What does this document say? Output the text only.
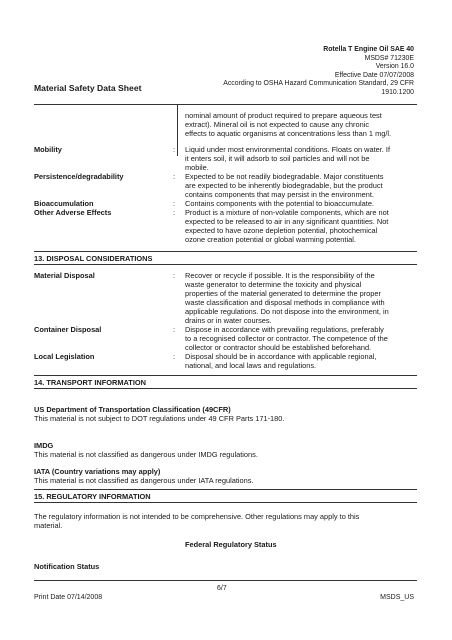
Rotella T Engine Oil SAE 40
MSDS# 71230E
Version 16.0
Effective Date 07/07/2008
According to OSHA Hazard Communication Standard, 29 CFR
1910.1200
Material Safety Data Sheet
nominal amount of product required to prepare aqueous test
extract). Mineral oil is not expected to cause any chronic
effects to aquatic organisms at concentrations less than 1 mg/l.
Mobility	: Liquid under most environmental conditions. Floats on water. If
it enters soil, it will adsorb to soil particles and will not be
mobile.
Persistence/degradability	: Expected to be not readily biodegradable. Major constituents
are expected to be inherently biodegradable, but the product
contains components that may persist in the environment.
Bioaccumulation	: Contains components with the potential to bioaccumulate.
Other Adverse Effects	: Product is a mixture of non-volatile components, which are not
expected to be released to air in any significant quantities. Not
expected to have ozone depletion potential, photochemical
ozone creation potential or global warming potential.
13. DISPOSAL CONSIDERATIONS
Material Disposal	: Recover or recycle if possible. It is the responsibility of the
waste generator to determine the toxicity and physical
properties of the material generated to determine the proper
waste classification and disposal methods in compliance with
applicable regulations. Do not dispose into the environment, in
drains or in water courses.
Container Disposal	: Dispose in accordance with prevailing regulations, preferably
to a recognised collector or contractor. The competence of the
collector or contractor should be established beforehand.
Local Legislation	: Disposal should be in accordance with applicable regional,
national, and local laws and regulations.
14. TRANSPORT INFORMATION
US Department of Transportation Classification (49CFR)
This material is not subject to DOT regulations under 49 CFR Parts 171-180.
IMDG
This material is not classified as dangerous under IMDG regulations.
IATA (Country variations may apply)
This material is not classified as dangerous under IATA regulations.
15. REGULATORY INFORMATION
The regulatory information is not intended to be comprehensive. Other regulations may apply to this
material.
Federal Regulatory Status
Notification Status
6/7
Print Date 07/14/2008	MSDS_US
